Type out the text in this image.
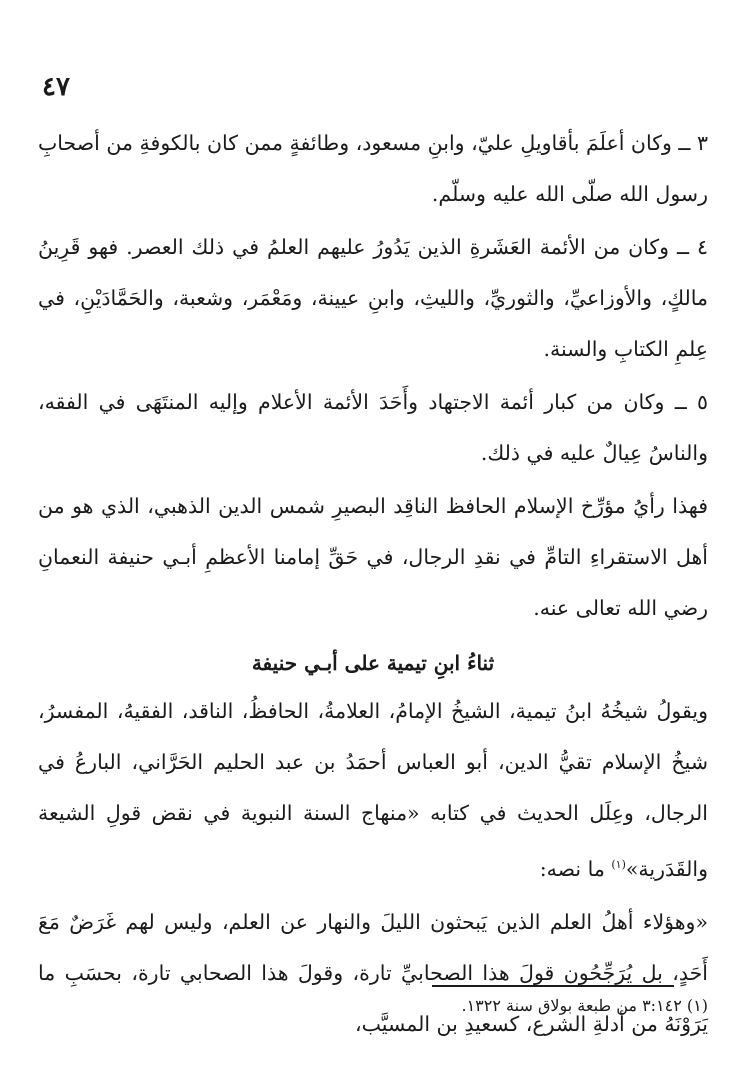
٤٧

٣ ــ وكان أعلَمَ بأقاويلِ عليّ، وابنِ مسعود، وطائفةٍ ممن كان بالكوفةِ من أصحابِ رسول الله صلّى الله عليه وسلّم.

٤ ــ وكان من الأئمة العَشَرةِ الذين يَدُورُ عليهم العلمُ في ذلك العصر. فهو قَرِينُ مالكٍ، والأوزاعيِّ، والثوريِّ، والليثِ، وابنِ عيينة، ومَعْمَر، وشعبة، والحَمَّادَيْنِ، في عِلمِ الكتابِ والسنة.

٥ ــ وكان من كبار أئمة الاجتهاد وأَحَدَ الأئمة الأعلام وإليه المنتَهَى في الفقه، والناسُ عِيالٌ عليه في ذلك.

فهذا رأيُ مؤرِّخ الإسلام الحافظ الناقِد البصيرِ شمس الدين الذهبي، الذي هو من أهل الاستقراءِ التامِّ في نقدِ الرجال، في حَقِّ إمامنا الأعظمِ أبـي حنيفة النعمانِ رضي الله تعالى عنه.

ثناءُ ابنِ تيمية على أبـي حنيفة

ويقولُ شيخُهُ ابنُ تيمية، الشيخُ الإمامُ، العلامةُ، الحافظُ، الناقد، الفقيهُ، المفسرُ، شيخُ الإسلام تقيُّ الدين، أبو العباس أحمَدُ بن عبد الحليم الحَرَّاني، البارعُ في الرجال، وعِلَل الحديث في كتابه «منهاج السنة النبوية في نقض قولِ الشيعة والقَدَرية»$^{(١)}$ ما نصه:

«وهؤلاء أهلُ العلم الذين يَبحثون الليلَ والنهار عن العلم، وليس لهم غَرَضٌ مَعَ أَحَدٍ، بل يُرَجِّحُون قولَ هذا الصحابيِّ تارة، وقولَ هذا الصحابي تارة، بحسَبِ ما يَرَوْنَهُ من أدلةِ الشرع، كسعيدِ بن المسيَّب،

(١) ٣:١٤٢ من طبعة بولاق سنة ١٣٢٢.
